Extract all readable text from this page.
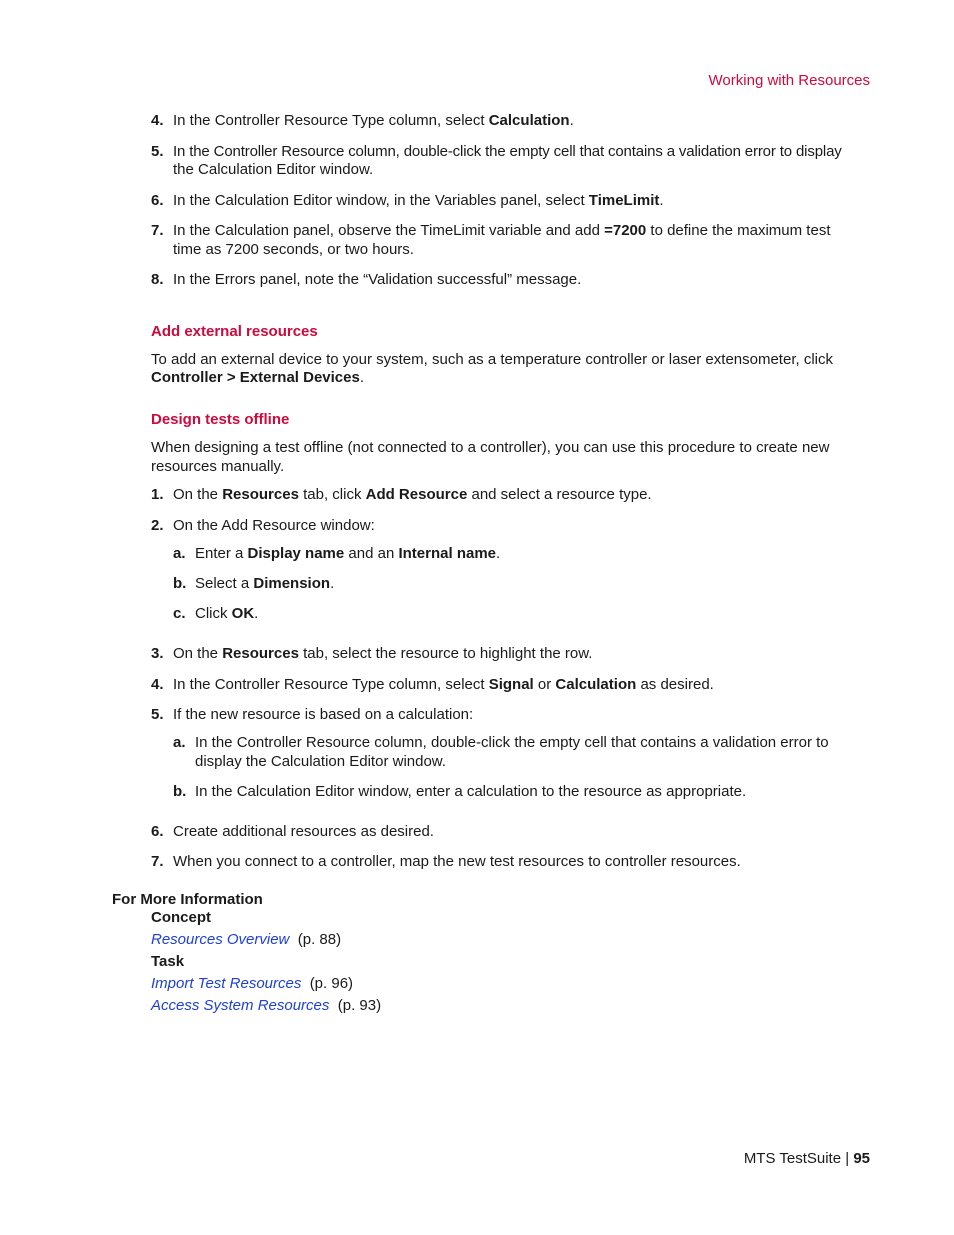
Working with Resources
4. In the Controller Resource Type column, select Calculation.
5. In the Controller Resource column, double-click the empty cell that contains a validation error to display
the Calculation Editor window.
6. In the Calculation Editor window, in the Variables panel, select TimeLimit.
7. In the Calculation panel, observe the TimeLimit variable and add =7200 to define the maximum test
time as 7200 seconds, or two hours.
8. In the Errors panel, note the “Validation successful” message.
Add external resources
To add an external device to your system, such as a temperature controller or laser extensometer, click
Controller > External Devices.
Design tests offline
When designing a test offline (not connected to a controller), you can use this procedure to create new
resources manually.
1. On the Resources tab, click Add Resource and select a resource type.
2. On the Add Resource window:
a. Enter a Display name and an Internal name.
b. Select a Dimension.
c. Click OK.
3. On the Resources tab, select the resource to highlight the row.
4. In the Controller Resource Type column, select Signal or Calculation as desired.
5. If the new resource is based on a calculation:
a. In the Controller Resource column, double-click the empty cell that contains a validation error to
display the Calculation Editor window.
b. In the Calculation Editor window, enter a calculation to the resource as appropriate.
6. Create additional resources as desired.
7. When you connect to a controller, map the new test resources to controller resources.
For More Information
Concept
Resources Overview (p. 88)
Task
Import Test Resources (p. 96)
Access System Resources (p. 93)
MTS TestSuite | 95
